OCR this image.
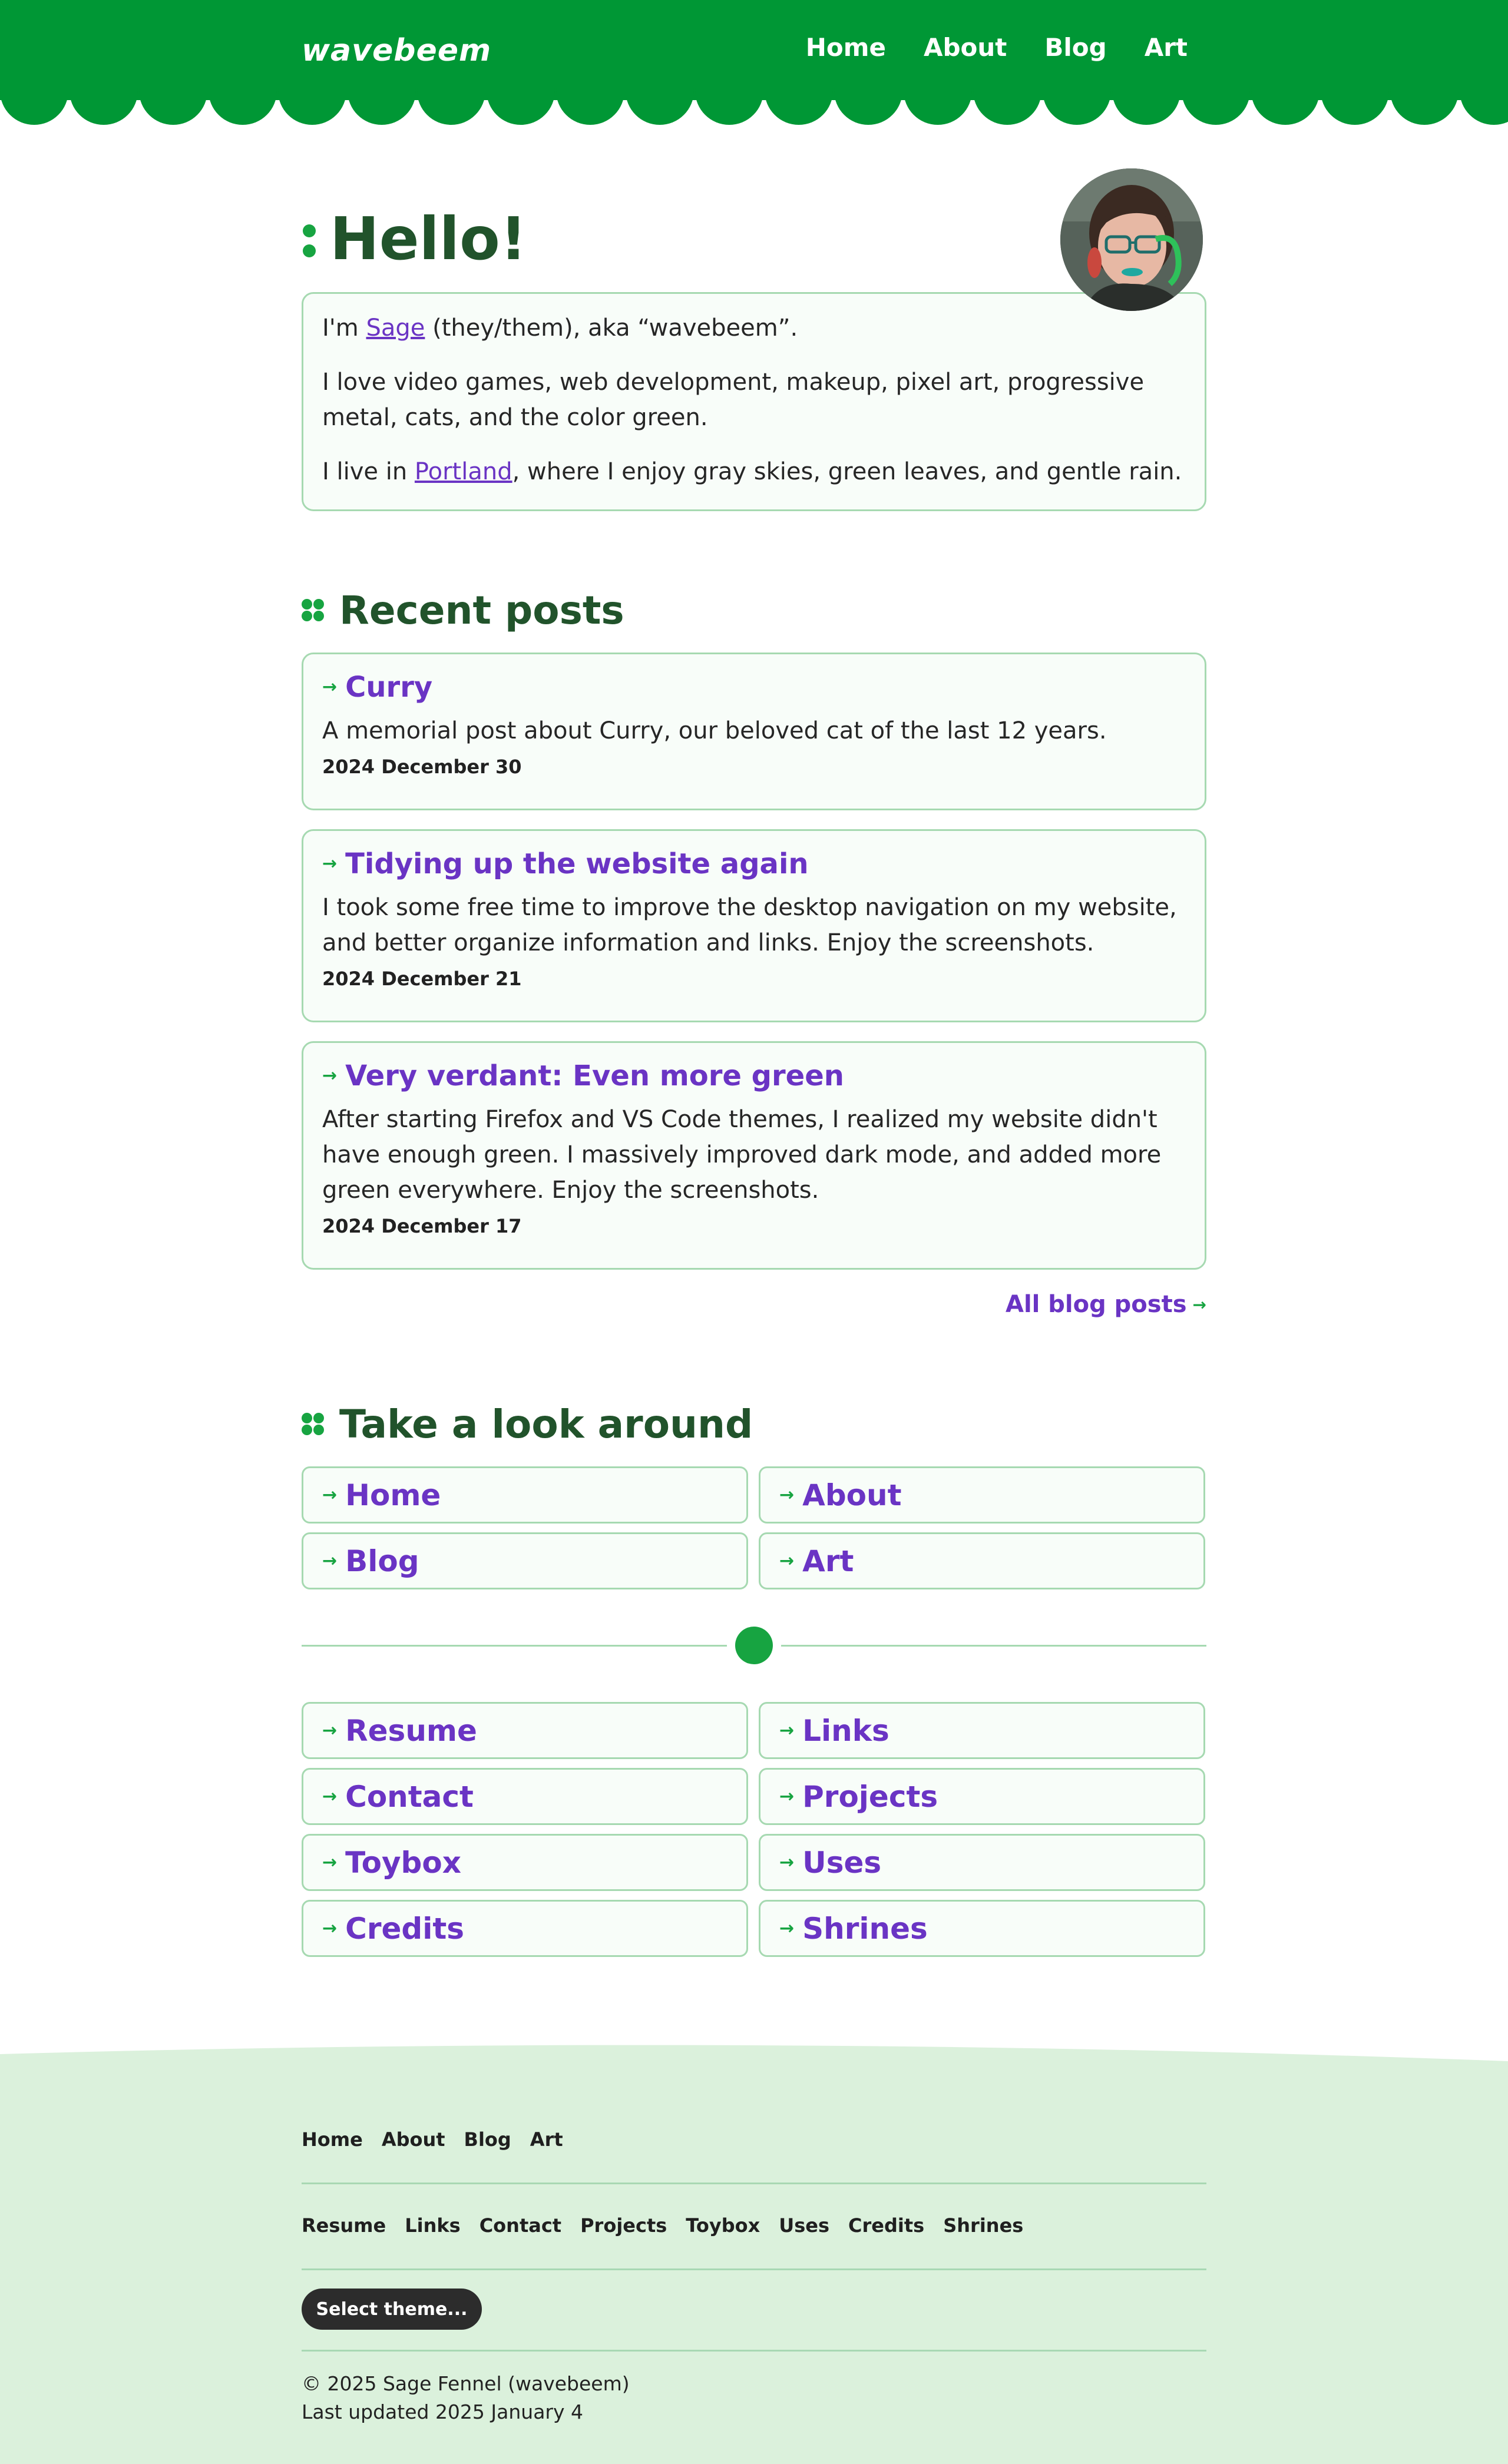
wavebeem	Home About Blog Art
Hello!

I'm Sage (they/them), aka “wavebeem”.

I love video games, web development, makeup, pixel art, progressive metal, cats, and the color green.

I live in Portland, where I enjoy gray skies, green leaves, and gentle rain.

Recent posts
→ Curry
A memorial post about Curry, our beloved cat of the last 12 years.
2024 December 30
→ Tidying up the website again
I took some free time to improve the desktop navigation on my website, and better organize information and links. Enjoy the screenshots.
2024 December 21
→ Very verdant: Even more green
After starting Firefox and VS Code themes, I realized my website didn't have enough green. I massively improved dark mode, and added more green everywhere. Enjoy the screenshots.
2024 December 17
All blog posts →
Take a look around
→ Home	→ About
→ Blog	→ Art
→ Resume	→ Links
→ Contact	→ Projects
→ Toybox	→ Uses
→ Credits	→ Shrines
Home About Blog Art
Resume Links Contact Projects Toybox Uses Credits Shrines
Select theme...
© 2025 Sage Fennel (wavebeem)
Last updated 2025 January 4
